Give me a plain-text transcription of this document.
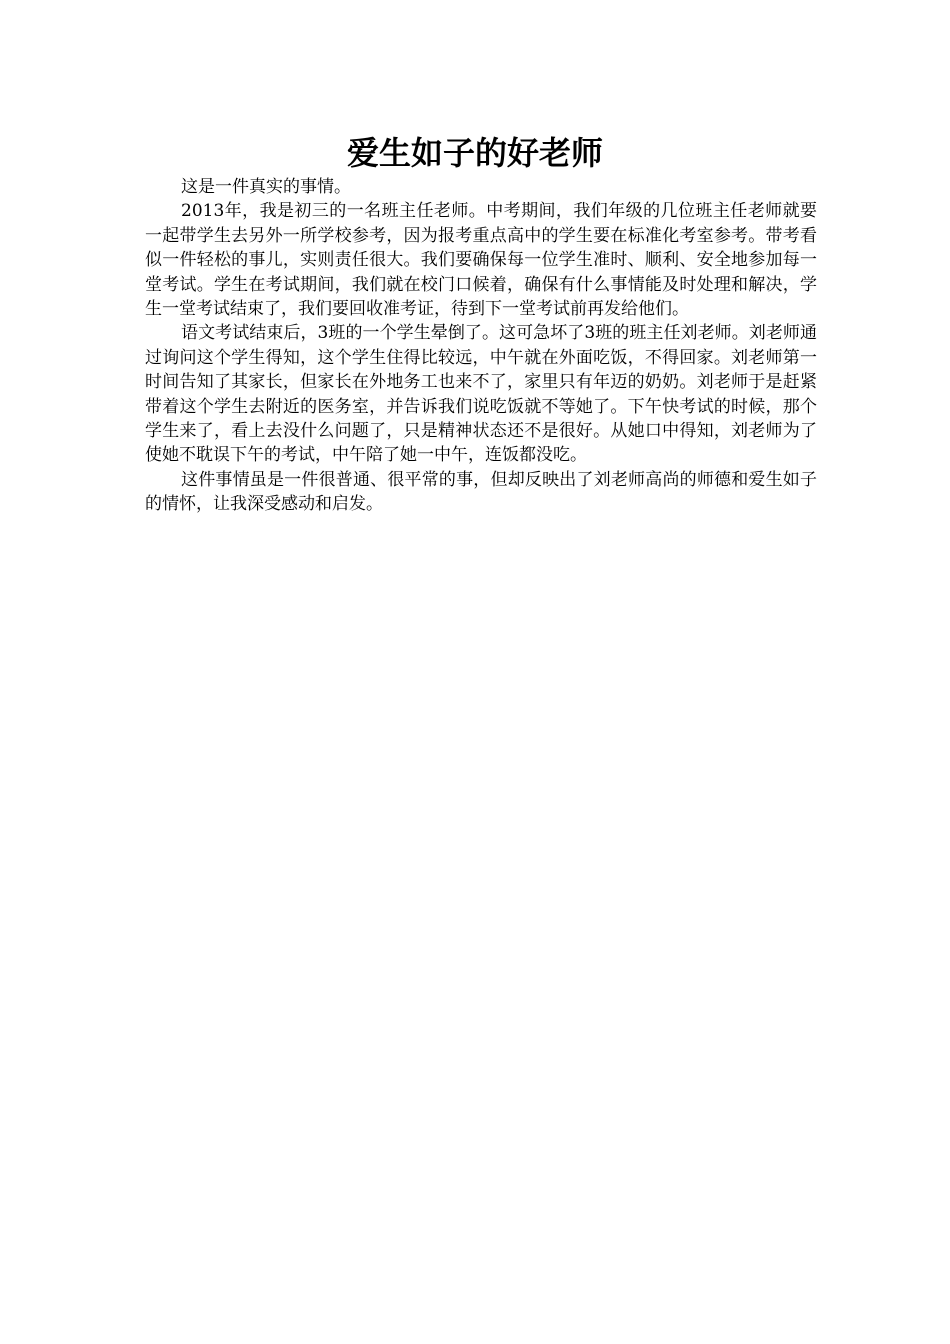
爱生如子的好老师

这是一件真实的事情。

2013年，我是初三的一名班主任老师。中考期间，我们年级的几位班主任老师就要一起带学生去另外一所学校参考，因为报考重点高中的学生要在标准化考室参考。带考看似一件轻松的事儿，实则责任很大。我们要确保每一位学生准时、顺利、安全地参加每一堂考试。学生在考试期间，我们就在校门口候着，确保有什么事情能及时处理和解决，学生一堂考试结束了，我们要回收准考证，待到下一堂考试前再发给他们。

语文考试结束后，3班的一个学生晕倒了。这可急坏了3班的班主任刘老师。刘老师通过询问这个学生得知，这个学生住得比较远，中午就在外面吃饭，不得回家。刘老师第一时间告知了其家长，但家长在外地务工也来不了，家里只有年迈的奶奶。刘老师于是赶紧带着这个学生去附近的医务室，并告诉我们说吃饭就不等她了。下午快考试的时候，那个学生来了，看上去没什么问题了，只是精神状态还不是很好。从她口中得知，刘老师为了使她不耽误下午的考试，中午陪了她一中午，连饭都没吃。

这件事情虽是一件很普通、很平常的事，但却反映出了刘老师高尚的师德和爱生如子的情怀，让我深受感动和启发。
